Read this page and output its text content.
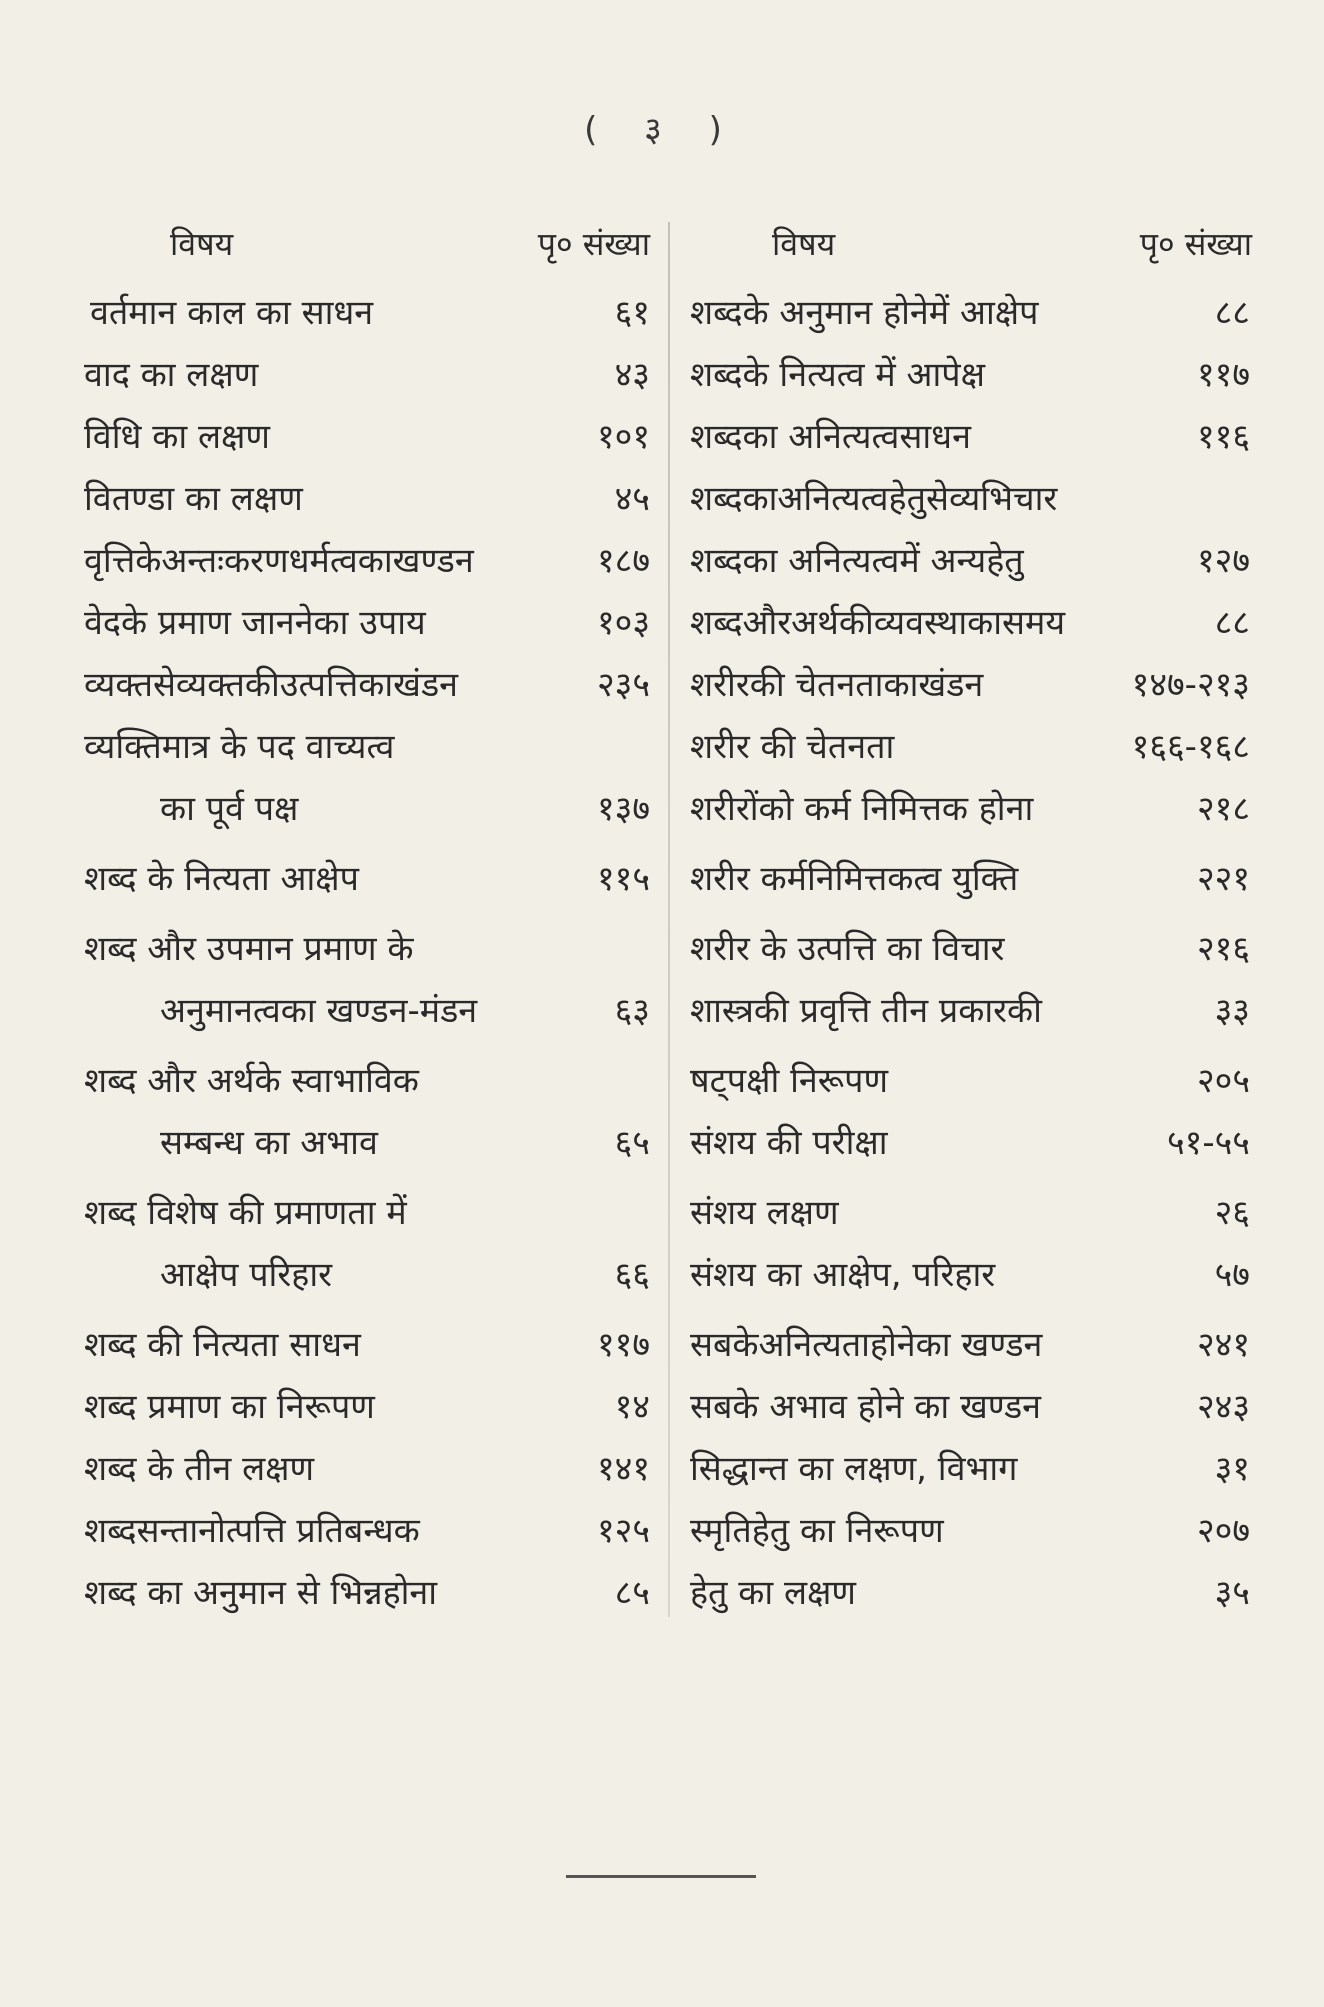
( ३ )
विषय	पृ० संख्या
वर्तमान काल का साधन	६१
वाद का लक्षण	४३
विधि का लक्षण	१०१
वितण्डा का लक्षण	४५
वृत्तिकेअन्तःकरणधर्मत्वकाखण्डन	१८७
वेदके प्रमाण जाननेका उपाय	१०३
व्यक्तसेव्यक्तकीउत्पत्तिकाखंडन	२३५
व्यक्तिमात्र के पद वाच्यत्व
का पूर्व पक्ष	१३७
शब्द के नित्यता आक्षेप	११५
शब्द और उपमान प्रमाण के
अनुमानत्वका खण्डन-मंडन	६३
शब्द और अर्थके स्वाभाविक
सम्बन्ध का अभाव	६५
शब्द विशेष की प्रमाणता में
आक्षेप परिहार	६६
शब्द की नित्यता साधन	११७
शब्द प्रमाण का निरूपण	१४
शब्द के तीन लक्षण	१४१
शब्दसन्तानोत्पत्ति प्रतिबन्धक	१२५
शब्द का अनुमान से भिन्नहोना	८५
विषय	पृ० संख्या
शब्दके अनुमान होनेमें आक्षेप	८८
शब्दके नित्यत्व में आपेक्ष	११७
शब्दका अनित्यत्वसाधन	११६
शब्दकाअनित्यत्वहेतुसेव्यभिचार
शब्दका अनित्यत्वमें अन्यहेतु	१२७
शब्दऔरअर्थकीव्यवस्थाकासमय	८८
शरीरकी चेतनताकाखंडन	१४७-२१३
शरीर की चेतनता	१६६-१६८
शरीरोंको कर्म निमित्तक होना	२१८
शरीर कर्मनिमित्तकत्व युक्ति	२२१
शरीर के उत्पत्ति का विचार	२१६
शास्त्रकी प्रवृत्ति तीन प्रकारकी	३३
षट्पक्षी निरूपण	२०५
संशय की परीक्षा	५१-५५
संशय लक्षण	२६
संशय का आक्षेप, परिहार	५७
सबकेअनित्यताहोनेका खण्डन	२४१
सबके अभाव होने का खण्डन	२४३
सिद्धान्त का लक्षण, विभाग	३१
स्मृतिहेतु का निरूपण	२०७
हेतु का लक्षण	३५
